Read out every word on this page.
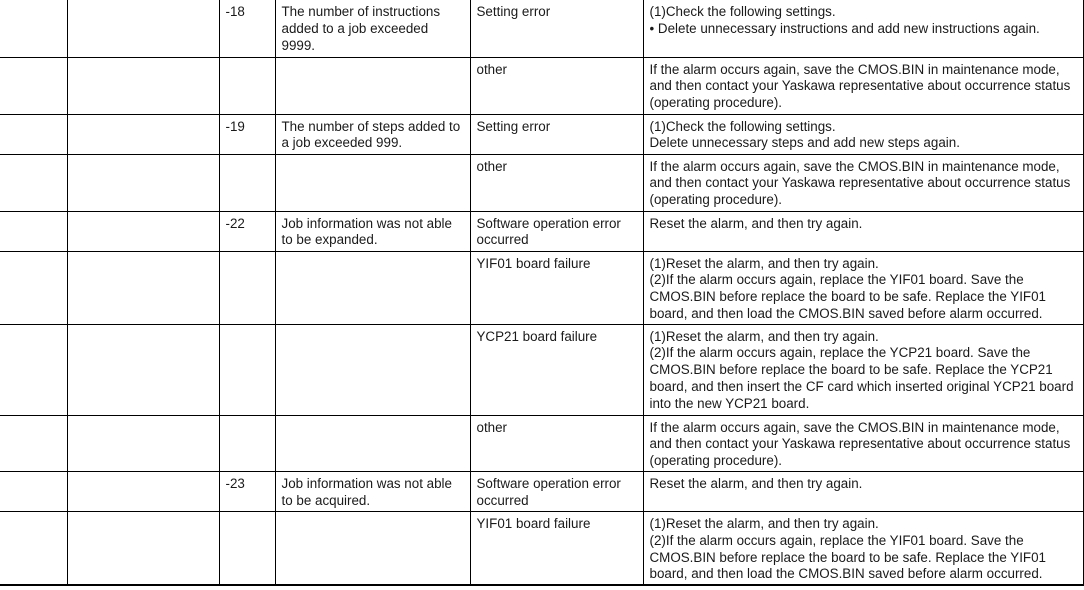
		-18	The number of instructions added to a job exceeded 9999.	Setting error	(1)Check the following settings.
• Delete unnecessary instructions and add new instructions again.
				other	If the alarm occurs again, save the CMOS.BIN in maintenance mode, and then contact your Yaskawa representative about occurrence status (operating procedure).
		-19	The number of steps added to a job exceeded 999.	Setting error	(1)Check the following settings.
Delete unnecessary steps and add new steps again.
				other	If the alarm occurs again, save the CMOS.BIN in maintenance mode, and then contact your Yaskawa representative about occurrence status (operating procedure).
		-22	Job information was not able to be expanded.	Software operation error occurred	Reset the alarm, and then try again.
				YIF01 board failure	(1)Reset the alarm, and then try again.
(2)If the alarm occurs again, replace the YIF01 board. Save the CMOS.BIN before replace the board to be safe. Replace the YIF01 board, and then load the CMOS.BIN saved before alarm occurred.
				YCP21 board failure	(1)Reset the alarm, and then try again.
(2)If the alarm occurs again, replace the YCP21 board. Save the CMOS.BIN before replace the board to be safe. Replace the YCP21 board, and then insert the CF card which inserted original YCP21 board into the new YCP21 board.
				other	If the alarm occurs again, save the CMOS.BIN in maintenance mode, and then contact your Yaskawa representative about occurrence status (operating procedure).
		-23	Job information was not able to be acquired.	Software operation error occurred	Reset the alarm, and then try again.
				YIF01 board failure	(1)Reset the alarm, and then try again.
(2)If the alarm occurs again, replace the YIF01 board. Save the CMOS.BIN before replace the board to be safe. Replace the YIF01 board, and then load the CMOS.BIN saved before alarm occurred.
